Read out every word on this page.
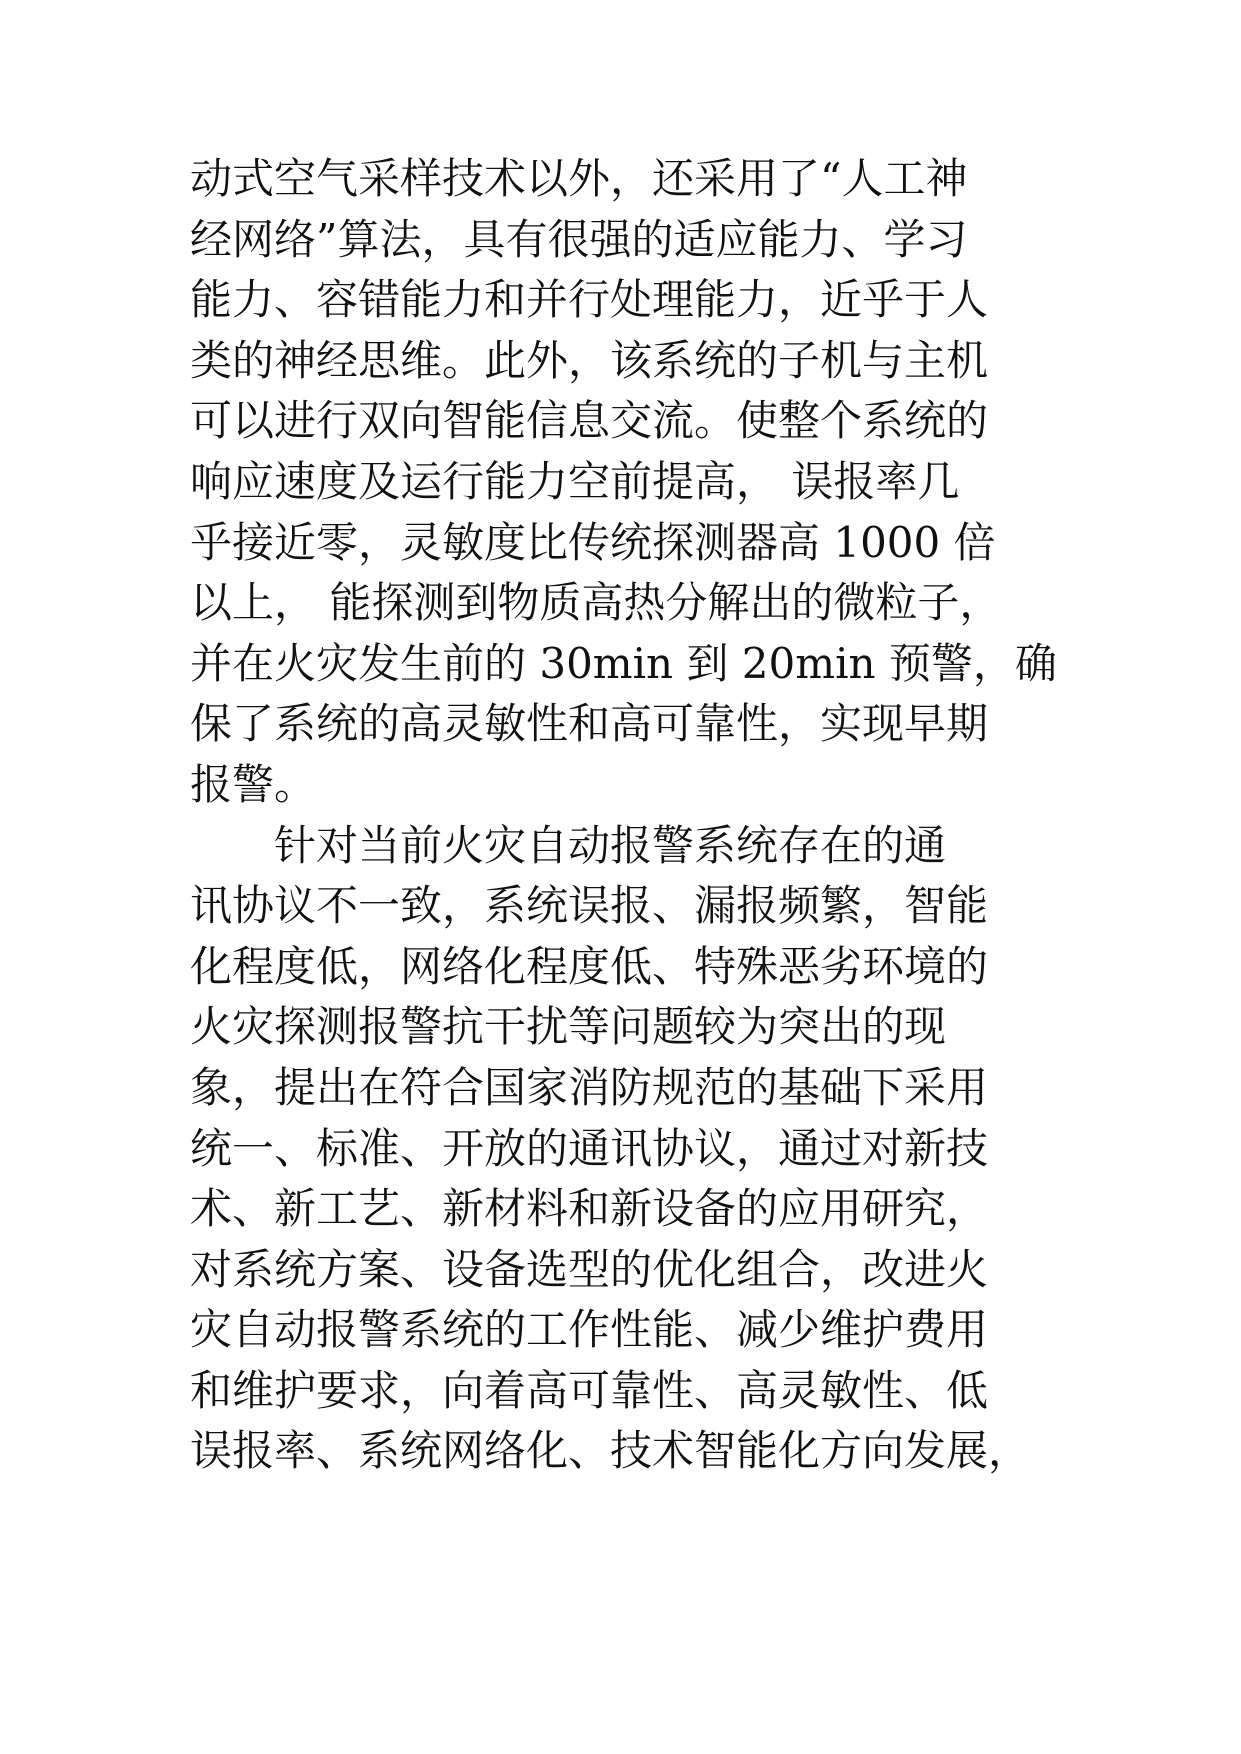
动式空气采样技术以外，还采用了“人工神
经网络”算法，具有很强的适应能力、学习
能力、容错能力和并行处理能力，近乎于人
类的神经思维。此外，该系统的子机与主机
可以进行双向智能信息交流。使整个系统的
响应速度及运行能力空前提高， 误报率几
乎接近零，灵敏度比传统探测器高 1000 倍
以上， 能探测到物质高热分解出的微粒子，
并在火灾发生前的 30min 到 20min 预警，确
保了系统的高灵敏性和高可靠性，实现早期
报警。
针对当前火灾自动报警系统存在的通
讯协议不一致，系统误报、漏报频繁，智能
化程度低，网络化程度低、特殊恶劣环境的
火灾探测报警抗干扰等问题较为突出的现
象，提出在符合国家消防规范的基础下采用
统一、标准、开放的通讯协议，通过对新技
术、新工艺、新材料和新设备的应用研究，
对系统方案、设备选型的优化组合，改进火
灾自动报警系统的工作性能、减少维护费用
和维护要求，向着高可靠性、高灵敏性、低
误报率、系统网络化、技术智能化方向发展，
